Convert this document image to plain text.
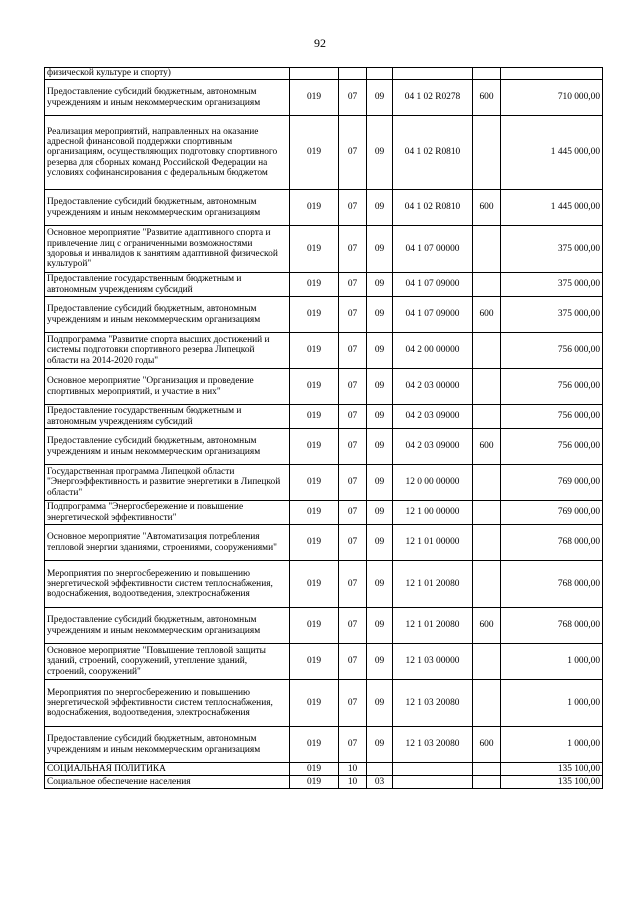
92
физической культуре и спорту)						
Предоставление субсидий бюджетным, автономным учреждениям и иным некоммерческим организациям	019	07	09	04 1 02 R0278	600	710 000,00
Реализация мероприятий, направленных на оказание адресной финансовой поддержки спортивным организациям, осуществляющих подготовку спортивного резерва для сборных команд Российской Федерации на условиях софинансирования с федеральным бюджетом	019	07	09	04 1 02 R0810		1 445 000,00
Предоставление субсидий бюджетным, автономным учреждениям и иным некоммерческим организациям	019	07	09	04 1 02 R0810	600	1 445 000,00
Основное мероприятие "Развитие адаптивного спорта и привлечение лиц с ограниченными возможностями здоровья и инвалидов к занятиям адаптивной физической культурой"	019	07	09	04 1 07 00000		375 000,00
Предоставление государственным бюджетным и автономным учреждениям субсидий	019	07	09	04 1 07 09000		375 000,00
Предоставление субсидий бюджетным, автономным учреждениям и иным некоммерческим организациям	019	07	09	04 1 07 09000	600	375 000,00
Подпрограмма "Развитие спорта высших достижений и системы подготовки спортивного резерва Липецкой области на 2014-2020 годы"	019	07	09	04 2 00 00000		756 000,00
Основное мероприятие "Организация и проведение спортивных мероприятий, и участие в них"	019	07	09	04 2 03 00000		756 000,00
Предоставление государственным бюджетным и автономным учреждениям субсидий	019	07	09	04 2 03 09000		756 000,00
Предоставление субсидий бюджетным, автономным учреждениям и иным некоммерческим организациям	019	07	09	04 2 03 09000	600	756 000,00
Государственная программа Липецкой области "Энергоэффективность и развитие энергетики в Липецкой области"	019	07	09	12 0 00 00000		769 000,00
Подпрограмма "Энергосбережение и повышение энергетической эффективности"	019	07	09	12 1 00 00000		769 000,00
Основное мероприятие "Автоматизация потребления тепловой энергии зданиями, строениями, сооружениями"	019	07	09	12 1 01 00000		768 000,00
Мероприятия по энергосбережению и повышению энергетической эффективности систем теплоснабжения, водоснабжения, водоотведения, электроснабжения	019	07	09	12 1 01 20080		768 000,00
Предоставление субсидий бюджетным, автономным учреждениям и иным некоммерческим организациям	019	07	09	12 1 01 20080	600	768 000,00
Основное мероприятие "Повышение тепловой защиты зданий, строений, сооружений, утепление зданий, строений, сооружений"	019	07	09	12 1 03 00000		1 000,00
Мероприятия по энергосбережению и повышению энергетической эффективности систем теплоснабжения, водоснабжения, водоотведения, электроснабжения	019	07	09	12 1 03 20080		1 000,00
Предоставление субсидий бюджетным, автономным учреждениям и иным некоммерческим организациям	019	07	09	12 1 03 20080	600	1 000,00
СОЦИАЛЬНАЯ ПОЛИТИКА	019	10				135 100,00
Социальное обеспечение населения	019	10	03			135 100,00
